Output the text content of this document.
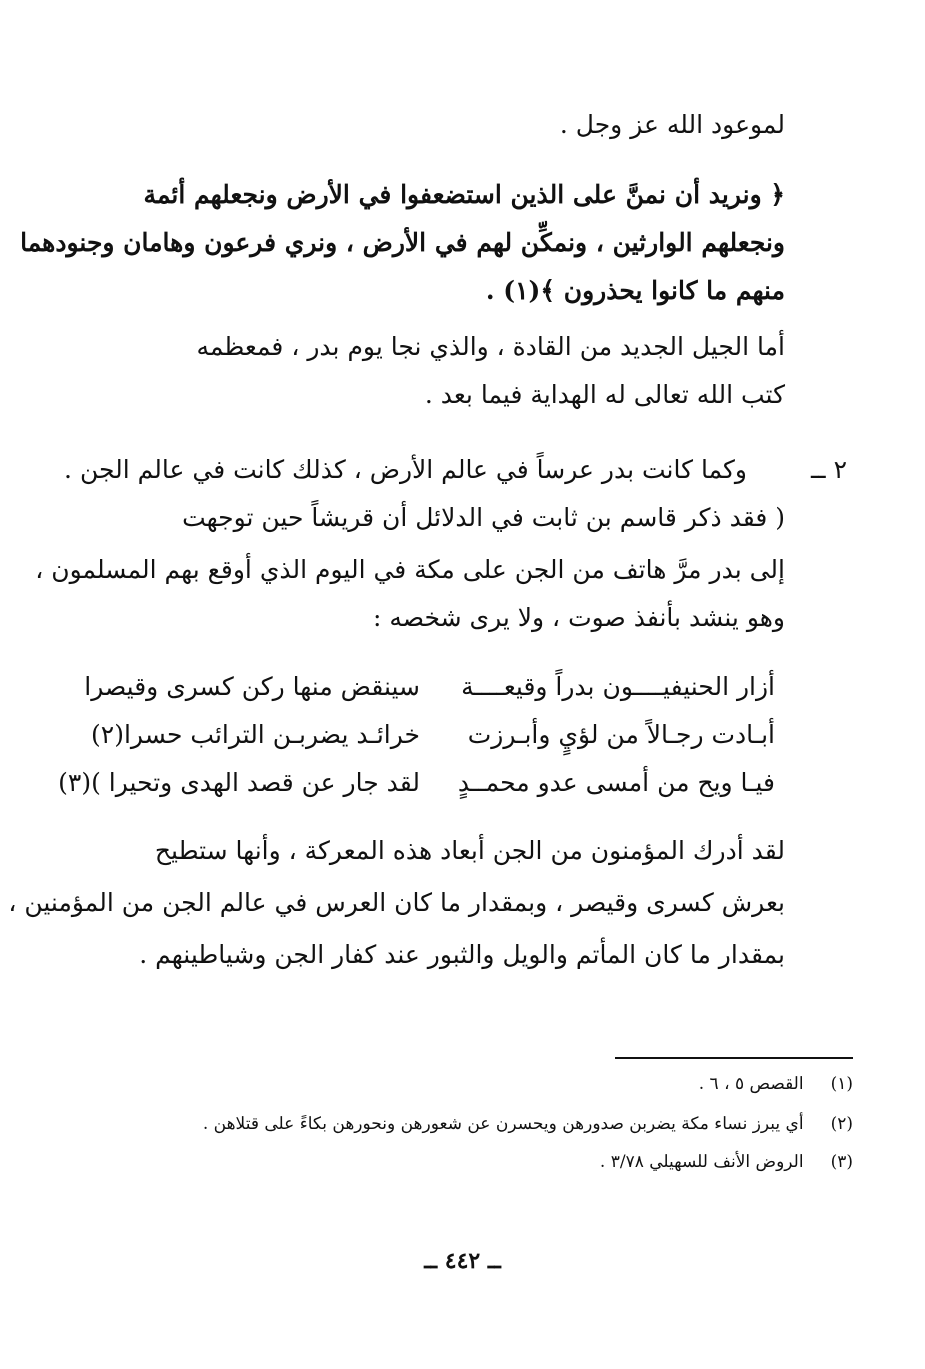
لموعود الله عز وجل .
﴿ ونريد أن نمنَّ على الذين استضعفوا في الأرض ونجعلهم أئمة
ونجعلهم الوارثين ، ونمكِّن لهم في الأرض ، ونري فرعون وهامان وجنودهما
منهم ما كانوا يحذرون ﴾(١) .
أما الجيل الجديد من القادة ، والذي نجا يوم بدر ، فمعظمه
كتب الله تعالى له الهداية فيما بعد .
٢ ــ
وكما كانت بدر عرساً في عالم الأرض ، كذلك كانت في عالم الجن .
( فقد ذكر قاسم بن ثابت في الدلائل أن قريشاً حين توجهت
إلى بدر مرَّ هاتف من الجن على مكة في اليوم الذي أوقع بهم المسلمون ،
وهو ينشد بأنفذ صوت ، ولا يرى شخصه :
أزار الحنيفيــــون بدراً وقيعــــة
سينقض منها ركن كسرى وقيصرا
أبـادت رجـالاً من لؤيٍ وأبـرزت
خرائـد يضربـن الترائب حسرا(٢)
فيـا ويح من أمسى عدو محمــدٍ
لقد جار عن قصد الهدى وتحيرا )(٣)
لقد أدرك المؤمنون من الجن أبعاد هذه المعركة ، وأنها ستطيح
بعرش كسرى وقيصر ، وبمقدار ما كان العرس في عالم الجن من المؤمنين ،
بمقدار ما كان المأتم والويل والثبور عند كفار الجن وشياطينهم .
(١) القصص ٥ ، ٦ .
(٢) أي يبرز نساء مكة يضربن صدورهن ويحسرن عن شعورهن ونحورهن بكاءً على قتلاهن .
(٣) الروض الأنف للسهيلي ٣/٧٨ .
ــ ٤٤٢ ــ
